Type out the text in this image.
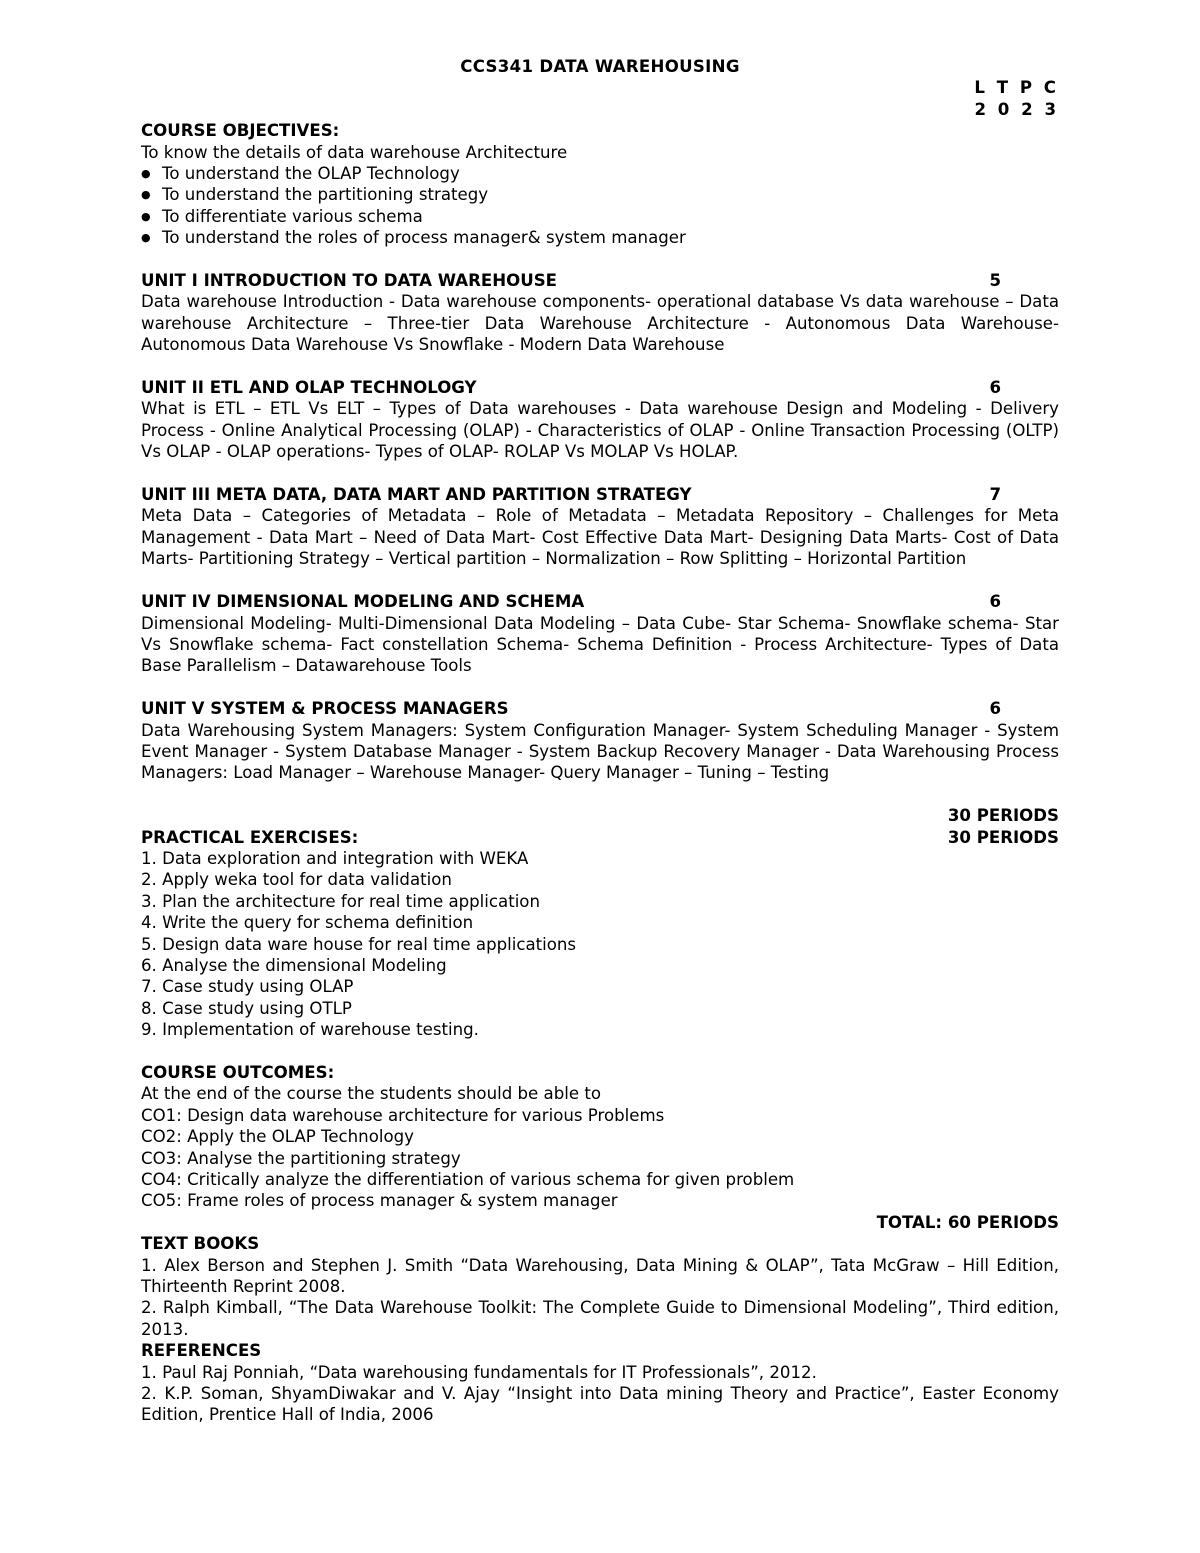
CCS341 DATA WAREHOUSING
L T P C
2 0 2 3
COURSE OBJECTIVES:
To know the details of data warehouse Architecture
● To understand the OLAP Technology
● To understand the partitioning strategy
● To differentiate various schema
● To understand the roles of process manager& system manager
UNIT I INTRODUCTION TO DATA WAREHOUSE	5
Data warehouse Introduction - Data warehouse components- operational database Vs data warehouse – Data warehouse Architecture – Three-tier Data Warehouse Architecture - Autonomous Data Warehouse- Autonomous Data Warehouse Vs Snowflake - Modern Data Warehouse
UNIT II ETL AND OLAP TECHNOLOGY	6
What is ETL – ETL Vs ELT – Types of Data warehouses - Data warehouse Design and Modeling - Delivery Process - Online Analytical Processing (OLAP) - Characteristics of OLAP - Online Transaction Processing (OLTP) Vs OLAP - OLAP operations- Types of OLAP- ROLAP Vs MOLAP Vs HOLAP.
UNIT III META DATA, DATA MART AND PARTITION STRATEGY	7
Meta Data – Categories of Metadata – Role of Metadata – Metadata Repository – Challenges for Meta Management - Data Mart – Need of Data Mart- Cost Effective Data Mart- Designing Data Marts- Cost of Data Marts- Partitioning Strategy – Vertical partition – Normalization – Row Splitting – Horizontal Partition
UNIT IV DIMENSIONAL MODELING AND SCHEMA	6
Dimensional Modeling- Multi-Dimensional Data Modeling – Data Cube- Star Schema- Snowflake schema- Star Vs Snowflake schema- Fact constellation Schema- Schema Definition - Process Architecture- Types of Data Base Parallelism – Datawarehouse Tools
UNIT V SYSTEM & PROCESS MANAGERS	6
Data Warehousing System Managers: System Configuration Manager- System Scheduling Manager - System Event Manager - System Database Manager - System Backup Recovery Manager - Data Warehousing Process Managers: Load Manager – Warehouse Manager- Query Manager – Tuning – Testing
30 PERIODS
PRACTICAL EXERCISES:	30 PERIODS
1. Data exploration and integration with WEKA
2. Apply weka tool for data validation
3. Plan the architecture for real time application
4. Write the query for schema definition
5. Design data ware house for real time applications
6. Analyse the dimensional Modeling
7. Case study using OLAP
8. Case study using OTLP
9. Implementation of warehouse testing.
COURSE OUTCOMES:
At the end of the course the students should be able to
CO1: Design data warehouse architecture for various Problems
CO2: Apply the OLAP Technology
CO3: Analyse the partitioning strategy
CO4: Critically analyze the differentiation of various schema for given problem
CO5: Frame roles of process manager & system manager
TOTAL: 60 PERIODS
TEXT BOOKS
1. Alex Berson and Stephen J. Smith “Data Warehousing, Data Mining & OLAP”, Tata McGraw – Hill Edition, Thirteenth Reprint 2008.
2. Ralph Kimball, “The Data Warehouse Toolkit: The Complete Guide to Dimensional Modeling”, Third edition, 2013.
REFERENCES
1. Paul Raj Ponniah, “Data warehousing fundamentals for IT Professionals”, 2012.
2. K.P. Soman, ShyamDiwakar and V. Ajay “Insight into Data mining Theory and Practice”, Easter Economy Edition, Prentice Hall of India, 2006
